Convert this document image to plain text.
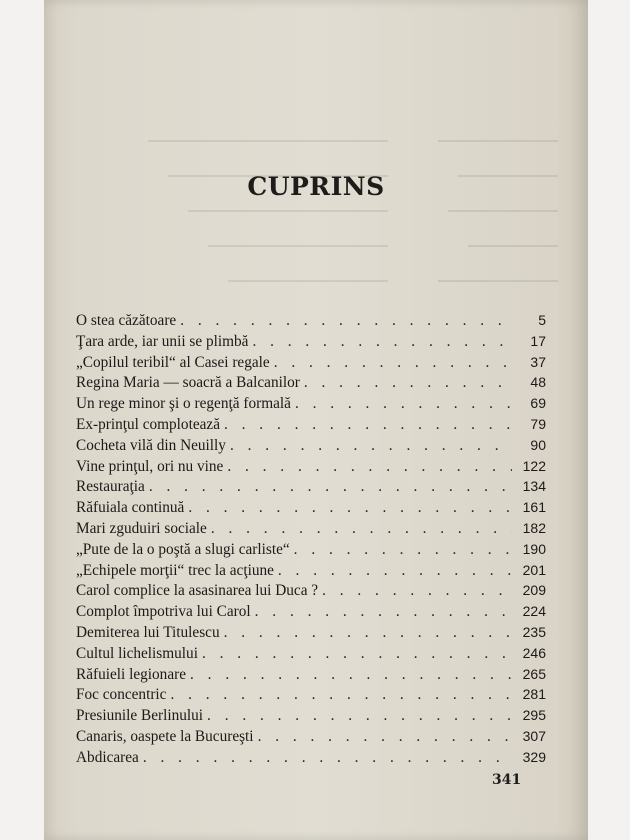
CUPRINS
O stea căzătoare . . .	5
Ţara arde, iar unii se plimbă . . .	17
„Copilul teribil“ al Casei regale . . .	37
Regina Maria — soacră a Balcanilor . . .	48
Un rege minor şi o regenţă formală . . .	69
Ex-prinţul complotează . . .	79
Cocheta vilă din Neuilly . . .	90
Vine prinţul, ori nu vine . . .	122
Restauraţia . . .	134
Răfuiala continuă . . .	161
Mari zguduiri sociale . . .	182
„Pute de la o poştă a slugi carliste“ . . .	190
„Echipele morţii“ trec la acţiune . . .	201
Carol complice la asasinarea lui Duca ? . . .	209
Complot împotriva lui Carol . . .	224
Demiterea lui Titulescu . . .	235
Cultul lichelismului . . .	246
Răfuieli legionare . . .	265
Foc concentric . . .	281
Presiunile Berlinului . . .	295
Canaris, oaspete la Bucureşti . . .	307
Abdicarea . . .	329
341
